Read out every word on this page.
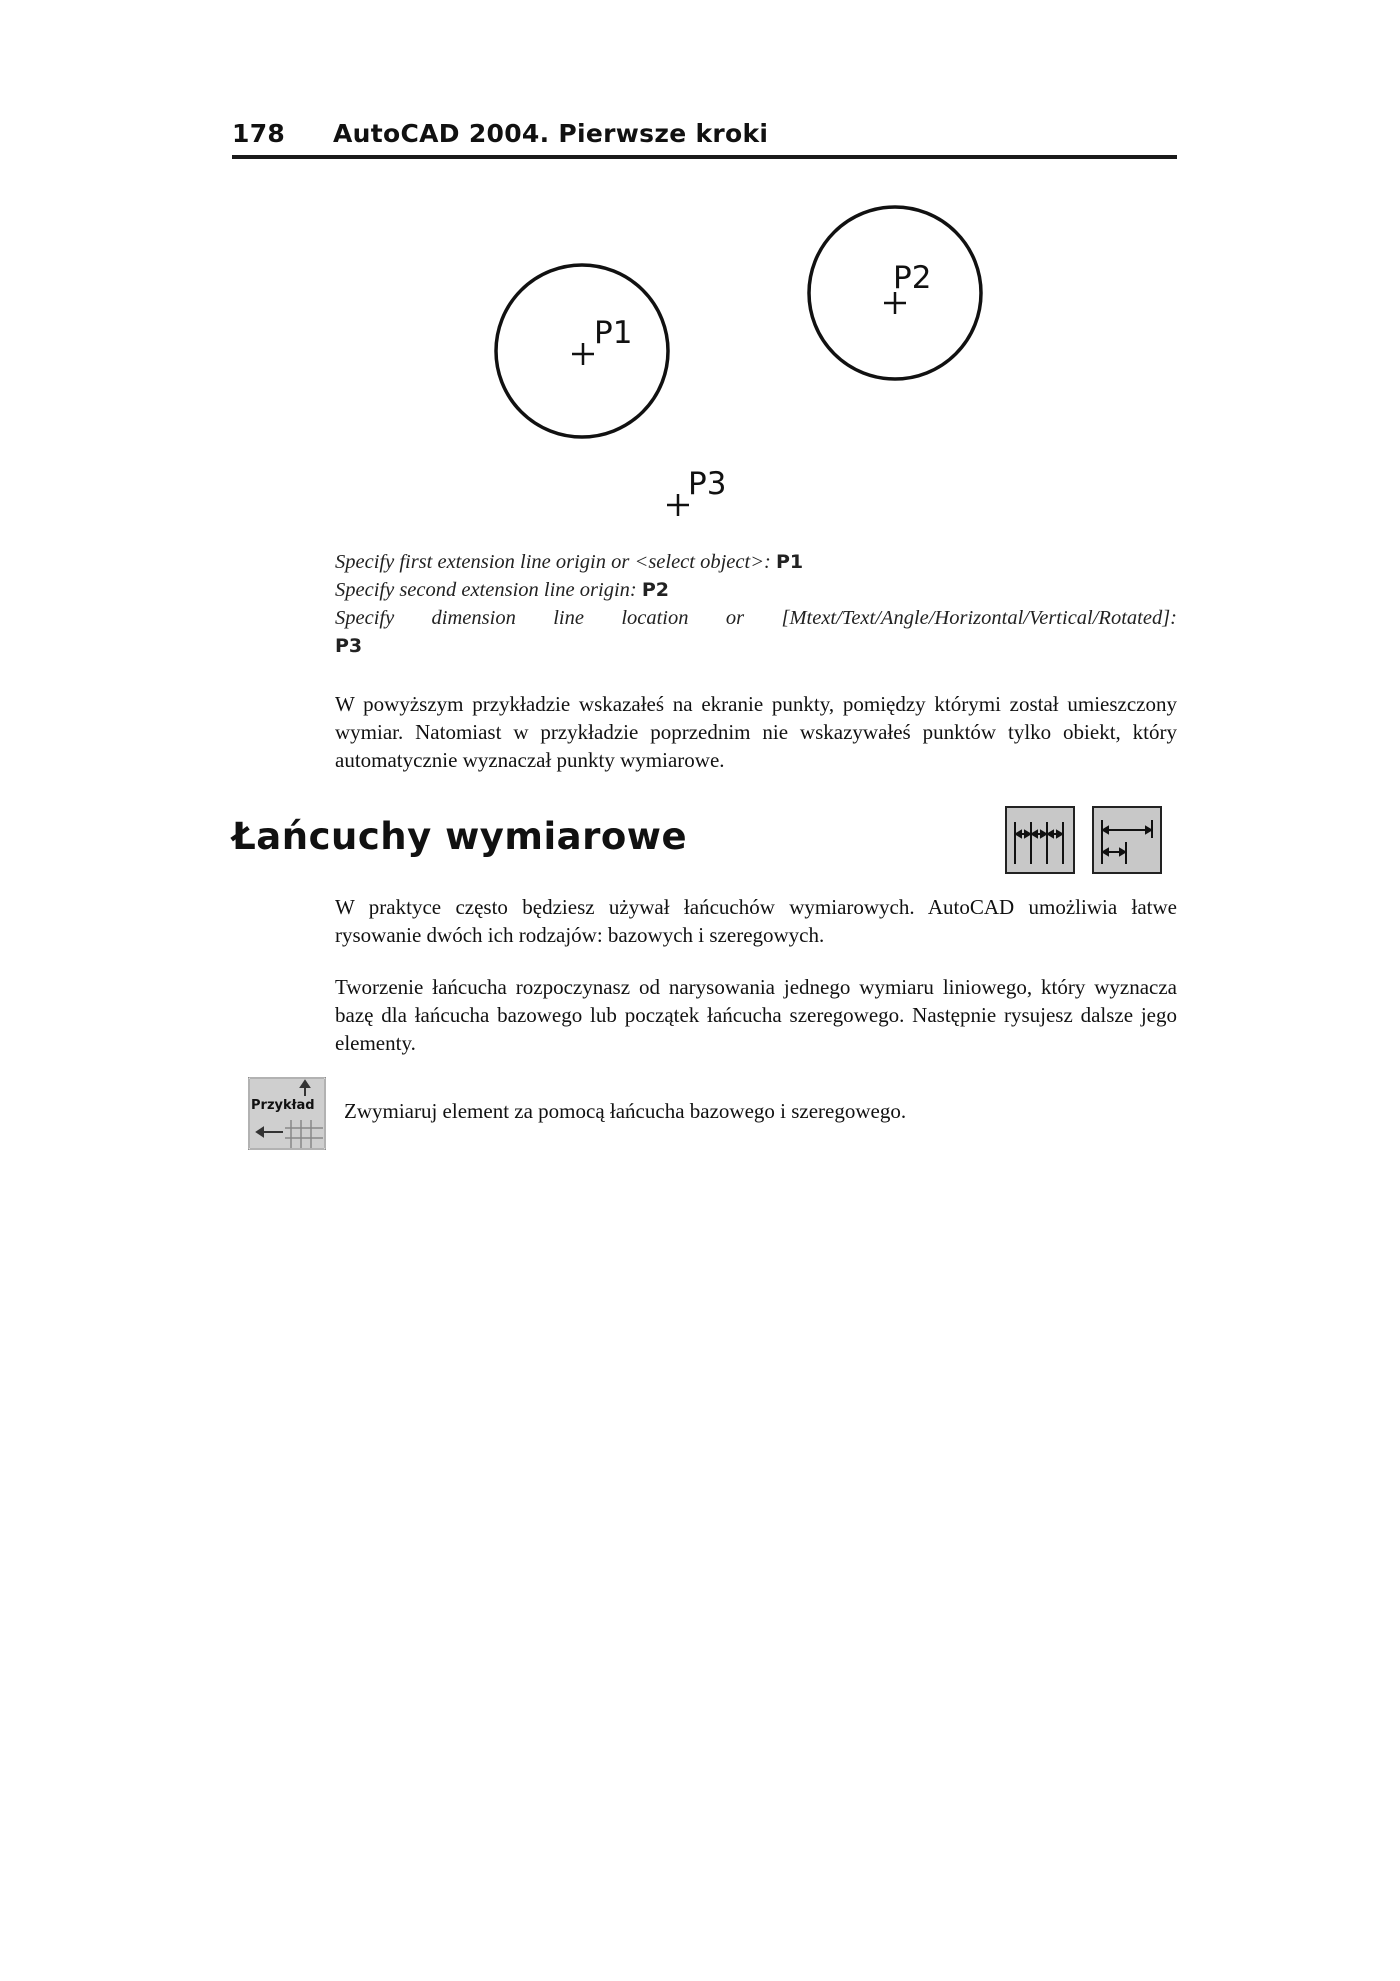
178 AutoCAD 2004. Pierwsze kroki
P1
P2
P3
Specify first extension line origin or <select object>: P1
Specify second extension line origin: P2
Specify dimension line location or [Mtext/Text/Angle/Horizontal/Vertical/Rotated]:
P3
W powyższym przykładzie wskazałeś na ekranie punkty, pomiędzy którymi został umieszczony wymiar. Natomiast w przykładzie poprzednim nie wskazywałeś punktów tylko obiekt, który automatycznie wyznaczał punkty wymiarowe.
Łańcuchy wymiarowe
W praktyce często będziesz używał łańcuchów wymiarowych. AutoCAD umożliwia łatwe rysowanie dwóch ich rodzajów: bazowych i szeregowych.
Tworzenie łańcucha rozpoczynasz od narysowania jednego wymiaru liniowego, który wyznacza bazę dla łańcucha bazowego lub początek łańcucha szeregowego. Następnie rysujesz dalsze jego elementy.
Przykład Zwymiaruj element za pomocą łańcucha bazowego i szeregowego.
